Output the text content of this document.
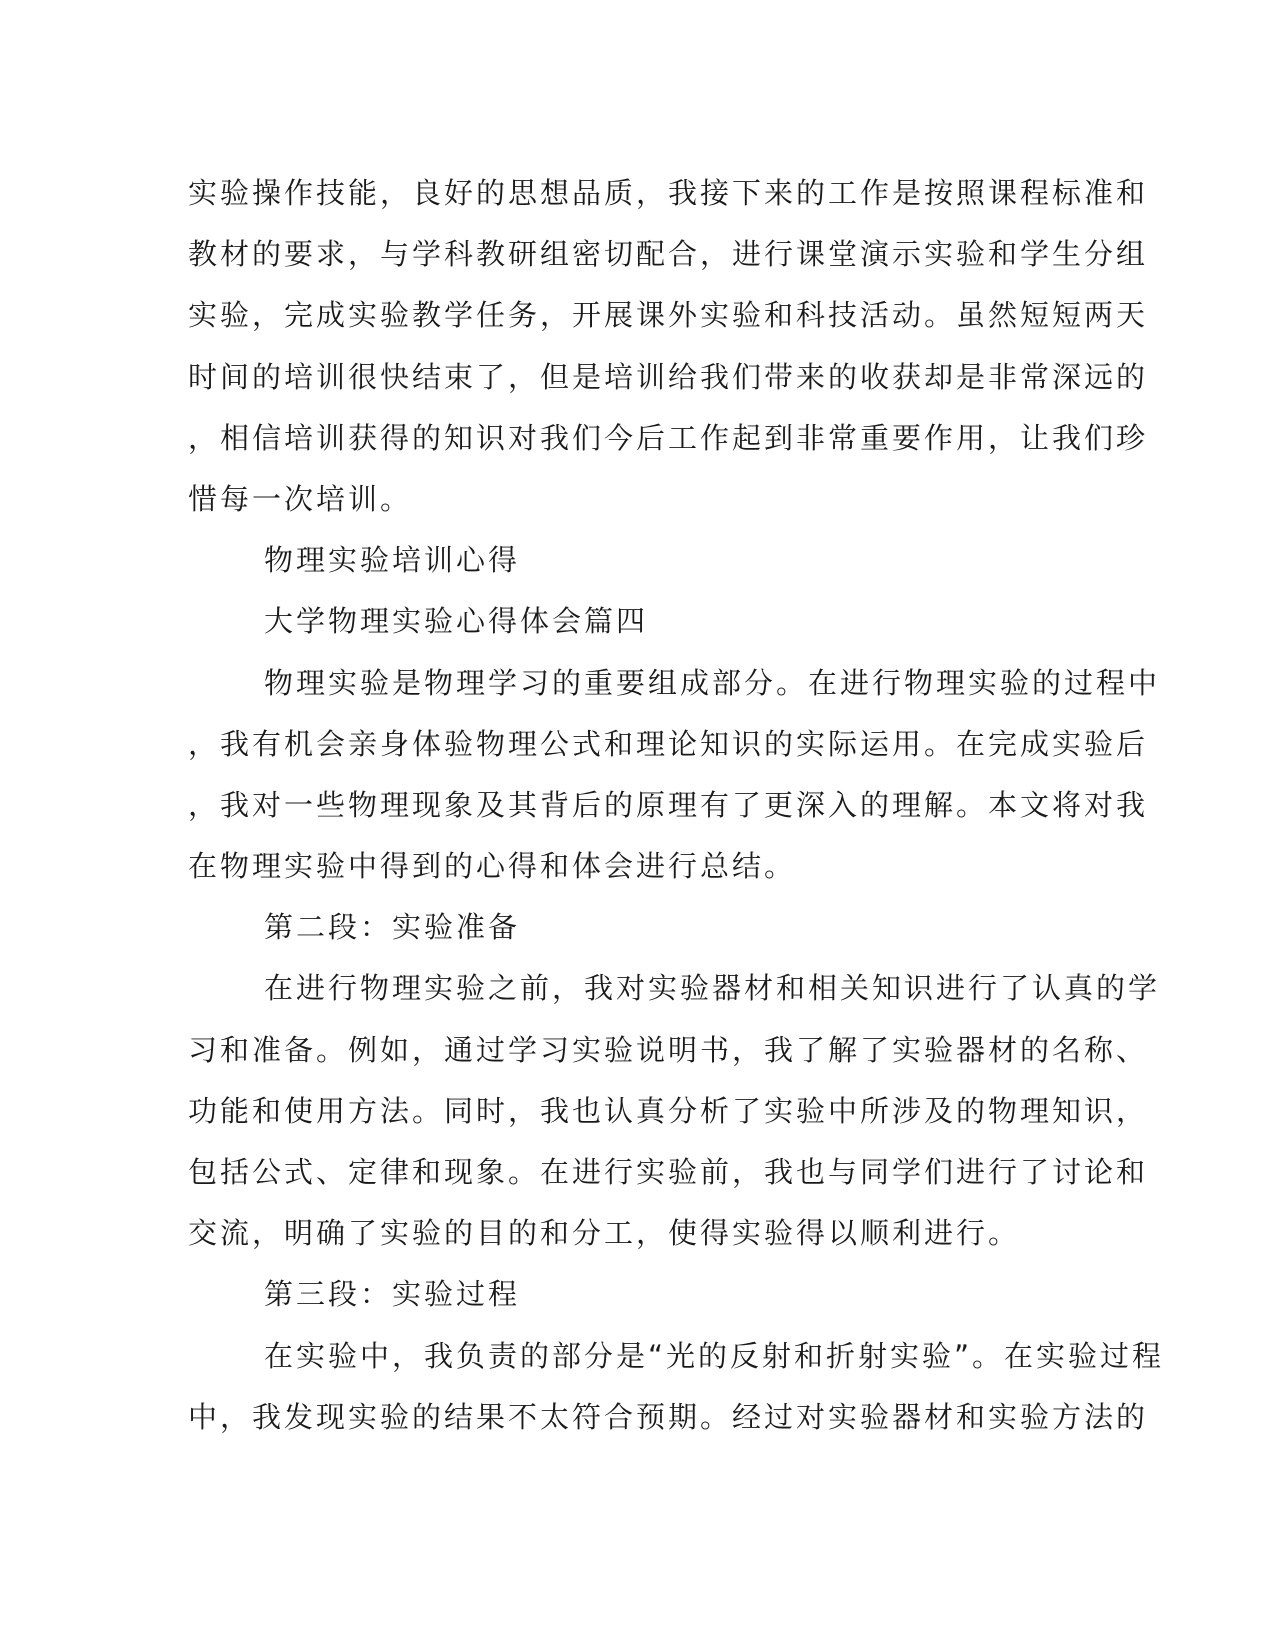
实验操作技能，良好的思想品质，我接下来的工作是按照课程标准和
教材的要求，与学科教研组密切配合，进行课堂演示实验和学生分组
实验，完成实验教学任务，开展课外实验和科技活动。虽然短短两天
时间的培训很快结束了，但是培训给我们带来的收获却是非常深远的
，相信培训获得的知识对我们今后工作起到非常重要作用，让我们珍
惜每一次培训。
物理实验培训心得
大学物理实验心得体会篇四
物理实验是物理学习的重要组成部分。在进行物理实验的过程中
，我有机会亲身体验物理公式和理论知识的实际运用。在完成实验后
，我对一些物理现象及其背后的原理有了更深入的理解。本文将对我
在物理实验中得到的心得和体会进行总结。
第二段：实验准备
在进行物理实验之前，我对实验器材和相关知识进行了认真的学
习和准备。例如，通过学习实验说明书，我了解了实验器材的名称、
功能和使用方法。同时，我也认真分析了实验中所涉及的物理知识，
包括公式、定律和现象。在进行实验前，我也与同学们进行了讨论和
交流，明确了实验的目的和分工，使得实验得以顺利进行。
第三段：实验过程
在实验中，我负责的部分是“光的反射和折射实验”。在实验过程
中，我发现实验的结果不太符合预期。经过对实验器材和实验方法的
